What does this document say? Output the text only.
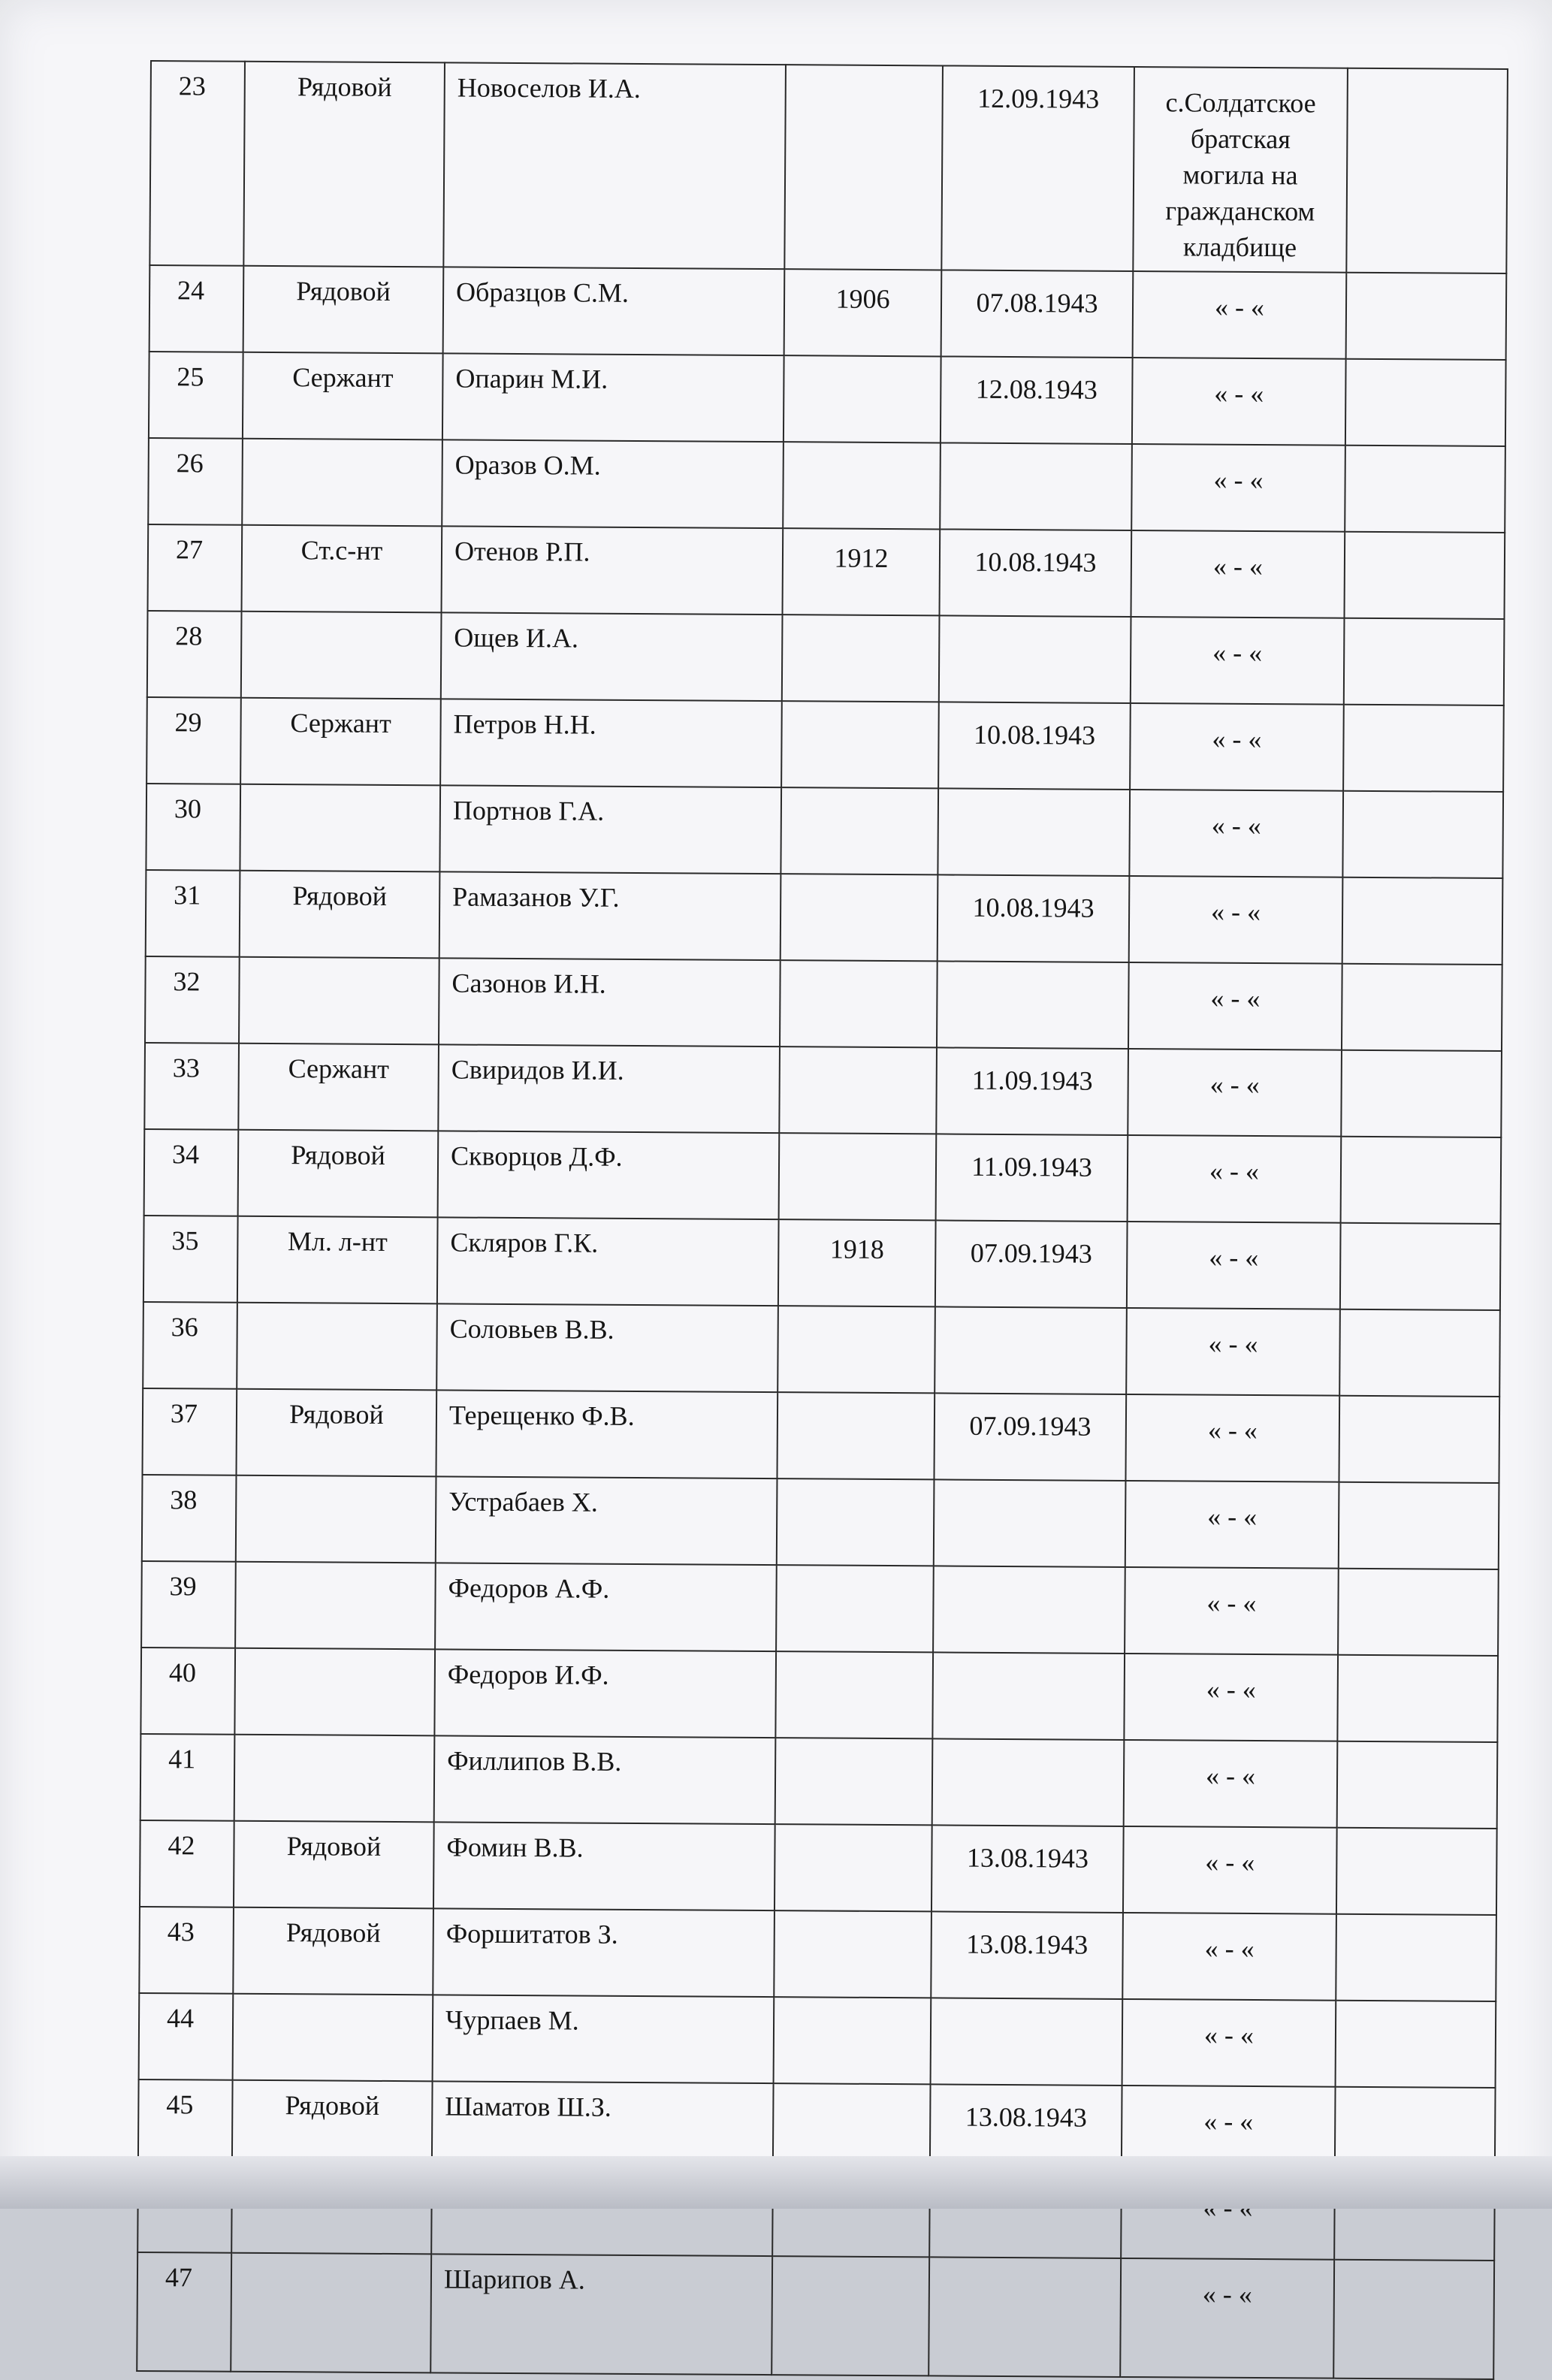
23	Рядовой	Новоселов И.А.		12.09.1943	с.Солдатское
братская
могила на
гражданском
кладбище	

24	Рядовой	Образцов С.М.	1906	07.08.1943	« - «	

25	Сержант	Опарин М.И.		12.08.1943	« - «	

26		Оразов О.М.			« - «	

27	Ст.с-нт	Отенов Р.П.	1912	10.08.1943	« - «	

28		Ощев И.А.			« - «	

29	Сержант	Петров Н.Н.		10.08.1943	« - «	

30		Портнов Г.А.			« - «	

31	Рядовой	Рамазанов У.Г.		10.08.1943	« - «	

32		Сазонов И.Н.			« - «	

33	Сержант	Свиридов И.И.		11.09.1943	« - «	

34	Рядовой	Скворцов Д.Ф.		11.09.1943	« - «	

35	Мл. л-нт	Скляров Г.К.	1918	07.09.1943	« - «	

36		Соловьев В.В.			« - «	

37	Рядовой	Терещенко Ф.В.		07.09.1943	« - «	

38		Устрабаев Х.			« - «	

39		Федоров А.Ф.			« - «	

40		Федоров И.Ф.			« - «	

41		Филлипов В.В.			« - «	

42	Рядовой	Фомин В.В.		13.08.1943	« - «	

43	Рядовой	Форшитатов З.		13.08.1943	« - «	

44		Чурпаев М.			« - «	

45	Рядовой	Шаматов Ш.З.		13.08.1943	« - «	

47		Шарипов А.			« - «	
